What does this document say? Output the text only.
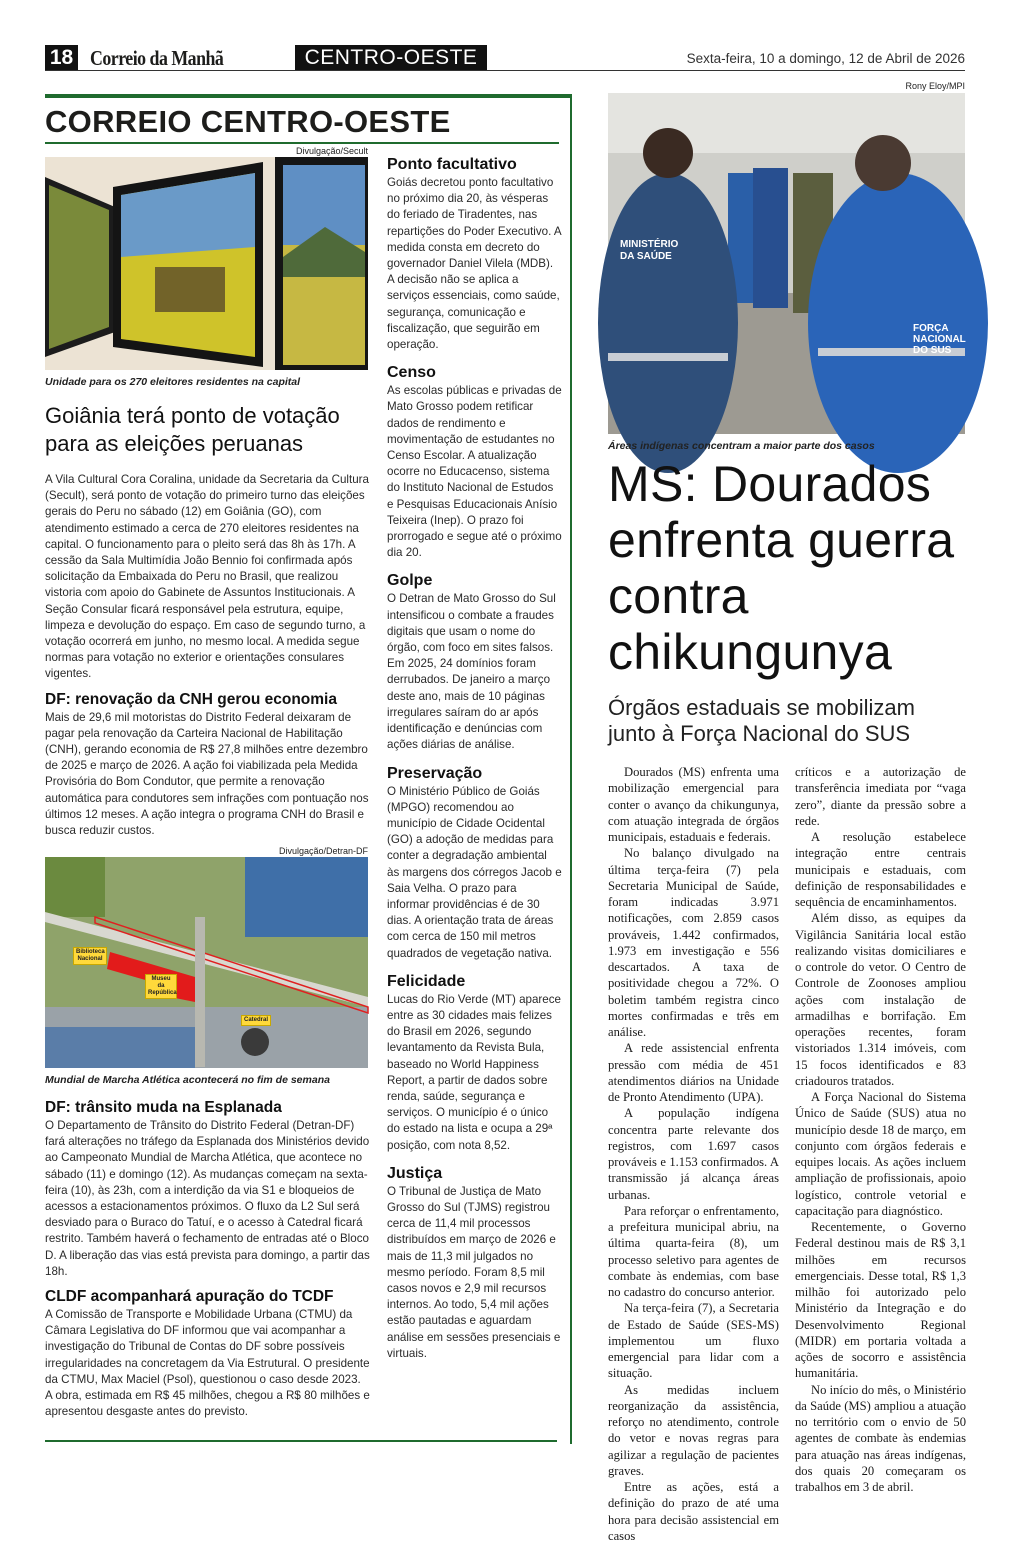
18 Correio da Manhã	CENTRO-OESTE	Sexta-feira, 10 a domingo, 12 de Abril de 2026
CORREIO CENTRO-OESTE
Divulgação/Secult
Unidade para os 270 eleitores residentes na capital
Goiânia terá ponto de votação para as eleições peruanas

A Vila Cultural Cora Coralina, unidade da Secretaria da Cultura (Secult), será ponto de votação do primeiro turno das eleições gerais do Peru no sábado (12) em Goiânia (GO), com atendimento estimado a cerca de 270 eleitores residentes na capital. O funcionamento para o pleito será das 8h às 17h. A cessão da Sala Multimídia João Bennio foi confirmada após solicitação da Embaixada do Peru no Brasil, que realizou vistoria com apoio do Gabinete de Assuntos Institucionais. A Seção Consular ficará responsável pela estrutura, equipe, limpeza e devolução do espaço. Em caso de segundo turno, a votação ocorrerá em junho, no mesmo local. A medida segue normas para votação no exterior e orientações consulares vigentes.

DF: renovação da CNH gerou economia

Mais de 29,6 mil motoristas do Distrito Federal deixaram de pagar pela renovação da Carteira Nacional de Habilitação (CNH), gerando economia de R$ 27,8 milhões entre dezembro de 2025 e março de 2026. A ação foi viabilizada pela Medida Provisória do Bom Condutor, que permite a renovação automática para condutores sem infrações com pontuação nos últimos 12 meses. A ação integra o programa CNH do Brasil e busca reduzir custos.

Divulgação/Detran-DF
Biblioteca Nacional
Museu da República
Catedral
Mundial de Marcha Atlética acontecerá no fim de semana
DF: trânsito muda na Esplanada

O Departamento de Trânsito do Distrito Federal (Detran-DF) fará alterações no tráfego da Esplanada dos Ministérios devido ao Campeonato Mundial de Marcha Atlética, que acontece no sábado (11) e domingo (12). As mudanças começam na sexta-feira (10), às 23h, com a interdição da via S1 e bloqueios de acessos a estacionamentos próximos. O fluxo da L2 Sul será desviado para o Buraco do Tatuí, e o acesso à Catedral ficará restrito. Também haverá o fechamento de entradas até o Bloco D. A liberação das vias está prevista para domingo, a partir das 18h.

CLDF acompanhará apuração do TCDF

A Comissão de Transporte e Mobilidade Urbana (CTMU) da Câmara Legislativa do DF informou que vai acompanhar a investigação do Tribunal de Contas do DF sobre possíveis irregularidades na concretagem da Via Estrutural. O presidente da CTMU, Max Maciel (Psol), questionou o caso desde 2023. A obra, estimada em R$ 45 milhões, chegou a R$ 80 milhões e apresentou desgaste antes do previsto.

Ponto facultativo

Goiás decretou ponto facultativo no próximo dia 20, às vésperas do feriado de Tiradentes, nas repartições do Poder Executivo. A medida consta em decreto do governador Daniel Vilela (MDB). A decisão não se aplica a serviços essenciais, como saúde, segurança, comunicação e fiscalização, que seguirão em operação.

Censo

As escolas públicas e privadas de Mato Grosso podem retificar dados de rendimento e movimentação de estudantes no Censo Escolar. A atualização ocorre no Educacenso, sistema do Instituto Nacional de Estudos e Pesquisas Educacionais Anísio Teixeira (Inep). O prazo foi prorrogado e segue até o próximo dia 20.

Golpe

O Detran de Mato Grosso do Sul intensificou o combate a fraudes digitais que usam o nome do órgão, com foco em sites falsos. Em 2025, 24 domínios foram derrubados. De janeiro a março deste ano, mais de 10 páginas irregulares saíram do ar após identificação e denúncias com ações diárias de análise.

Preservação

O Ministério Público de Goiás (MPGO) recomendou ao município de Cidade Ocidental (GO) a adoção de medidas para conter a degradação ambiental às margens dos córregos Jacob e Saia Velha. O prazo para informar providências é de 30 dias. A orientação trata de áreas com cerca de 150 mil metros quadrados de vegetação nativa.

Felicidade

Lucas do Rio Verde (MT) aparece entre as 30 cidades mais felizes do Brasil em 2026, segundo levantamento da Revista Bula, baseado no World Happiness Report, a partir de dados sobre renda, saúde, segurança e serviços. O município é o único do estado na lista e ocupa a 29ª posição, com nota 8,52.

Justiça

O Tribunal de Justiça de Mato Grosso do Sul (TJMS) registrou cerca de 11,4 mil processos distribuídos em março de 2026 e mais de 11,3 mil julgados no mesmo período. Foram 8,5 mil casos novos e 2,9 mil recursos internos. Ao todo, 5,4 mil ações estão pautadas e aguardam análise em sessões presenciais e virtuais.

Rony Eloy/MPI
MINISTÉRIO DA SAÚDE
FORÇA NACIONAL DO SUS
Áreas indígenas concentram a maior parte dos casos
MS: Dourados enfrenta guerra contra chikungunya
Órgãos estaduais se mobilizam junto à Força Nacional do SUS

Dourados (MS) enfrenta uma mobilização emergencial para conter o avanço da chikungunya, com atuação integrada de órgãos municipais, estaduais e federais.

No balanço divulgado na última terça-feira (7) pela Secretaria Municipal de Saúde, foram indicadas 3.971 notificações, com 2.859 casos prováveis, 1.442 confirmados, 1.973 em investigação e 556 descartados. A taxa de positividade chegou a 72%. O boletim também registra cinco mortes confirmadas e três em análise.

A rede assistencial enfrenta pressão com média de 451 atendimentos diários na Unidade de Pronto Atendimento (UPA).

A população indígena concentra parte relevante dos registros, com 1.697 casos prováveis e 1.153 confirmados. A transmissão já alcança áreas urbanas.

Para reforçar o enfrentamento, a prefeitura municipal abriu, na última quarta-feira (8), um processo seletivo para agentes de combate às endemias, com base no cadastro do concurso anterior.

Na terça-feira (7), a Secretaria de Estado de Saúde (SES-MS) implementou um fluxo emergencial para lidar com a situação.

As medidas incluem reorganização da assistência, reforço no atendimento, controle do vetor e novas regras para agilizar a regulação de pacientes graves.

Entre as ações, está a definição do prazo de até uma hora para decisão assistencial em casos

críticos e a autorização de transferência imediata por “vaga zero”, diante da pressão sobre a rede.

A resolução estabelece integração entre centrais municipais e estaduais, com definição de responsabilidades e sequência de encaminhamentos.

Além disso, as equipes da Vigilância Sanitária local estão realizando visitas domiciliares e o controle do vetor. O Centro de Controle de Zoonoses ampliou ações com instalação de armadilhas e borrifação. Em operações recentes, foram vistoriados 1.314 imóveis, com 15 focos identificados e 83 criadouros tratados.

A Força Nacional do Sistema Único de Saúde (SUS) atua no município desde 18 de março, em conjunto com órgãos federais e equipes locais. As ações incluem ampliação de profissionais, apoio logístico, controle vetorial e capacitação para diagnóstico.

Recentemente, o Governo Federal destinou mais de R$ 3,1 milhões em recursos emergenciais. Desse total, R$ 1,3 milhão foi autorizado pelo Ministério da Integração e do Desenvolvimento Regional (MIDR) em portaria voltada a ações de socorro e assistência humanitária.

No início do mês, o Ministério da Saúde (MS) ampliou a atuação no território com o envio de 50 agentes de combate às endemias para atuação nas áreas indígenas, dos quais 20 começaram os trabalhos em 3 de abril.
